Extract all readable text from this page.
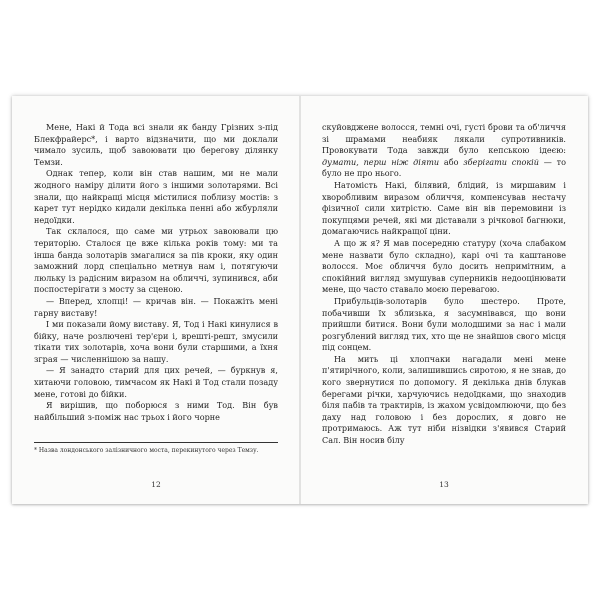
Мене, Накі й Тода всі знали як банду Грізних з-під Блекфрайерс*, і варто відзначити, що ми доклали чимало зусиль, щоб завоювати цю берегову ділянку Темзи.

Однак тепер, коли він став нашим, ми не мали жодного наміру ділити його з іншими золотарями. Всі знали, що найкращі місця містилися поблизу мостів: з карет тут нерідко кидали декілька пенні або жбурляли недоїдки.

Так склалося, що саме ми утрьох завоювали цю територію. Сталося це вже кілька років тому: ми та інша банда золотарів змагалися за пів кроки, яку один заможний лорд спеціально метнув нам і, потягуючи люльку із радісним виразом на обличчі, зупинився, аби поспостерігати з мосту за сценою.

— Вперед, хлопці! — кричав він. — Покажіть мені гарну виставу!

І ми показали йому виставу. Я, Тод і Накі кинулися в бійку, наче розлючені тер'єри і, врешті-решт, змусили тікати тих золотарів, хоча вони були старшими, а їхня зграя — численнішою за нашу.

— Я занадто старий для цих речей, — буркнув я, хитаючи головою, тимчасом як Накі й Тод стали позаду мене, готові до бійки.

Я вирішив, що поборюся з ними Тод. Він був найбільший з-поміж нас трьох і його чорне

* Назва лондонського залізничного моста, перекинутого через Темзу.
12

скуйовджене волосся, темні очі, густі брови та об'личчя зі шрамами неабияк лякали супротивників. Провокувати Тода завжди було кепською ідеєю: думати, перш ніж діяти або зберігати спокій — то було не про нього.

Натомість Накі, білявий, блідий, із миршавим і хворобливим виразом обличчя, компенсував нестачу фізичної сили хитрістю. Саме він вів перемовини із покупцями речей, які ми діставали з річкової багнюки, домагаючись найкращої ціни.

А що ж я? Я мав посередню статуру (хоча слабаком мене назвати було складно), карі очі та каштанове волосся. Моє обличчя було досить непримітним, а спокійний вигляд змушував суперників недооцінювати мене, що часто ставало моєю перевагою.

Прибульців-золотарів було шестеро. Проте, побачивши їх зблизька, я засумнівався, що вони прийшли битися. Вони були молодшими за нас і мали розгублений вигляд тих, хто ще не знайшов свого місця під сонцем.

На мить ці хлопчаки нагадали мені мене п'ятирічного, коли, залишившись сиротою, я не знав, до кого звернутися по допомогу. Я декілька днів блукав берегами річки, харчуючись недоїдками, що знаходив біля пабів та трактирів, із жахом усвідомлюючи, що без даху над головою і без дорослих, я довго не протримаюсь. Аж тут ніби нізвідки з'явився Старий Сал. Він носив білу

13
